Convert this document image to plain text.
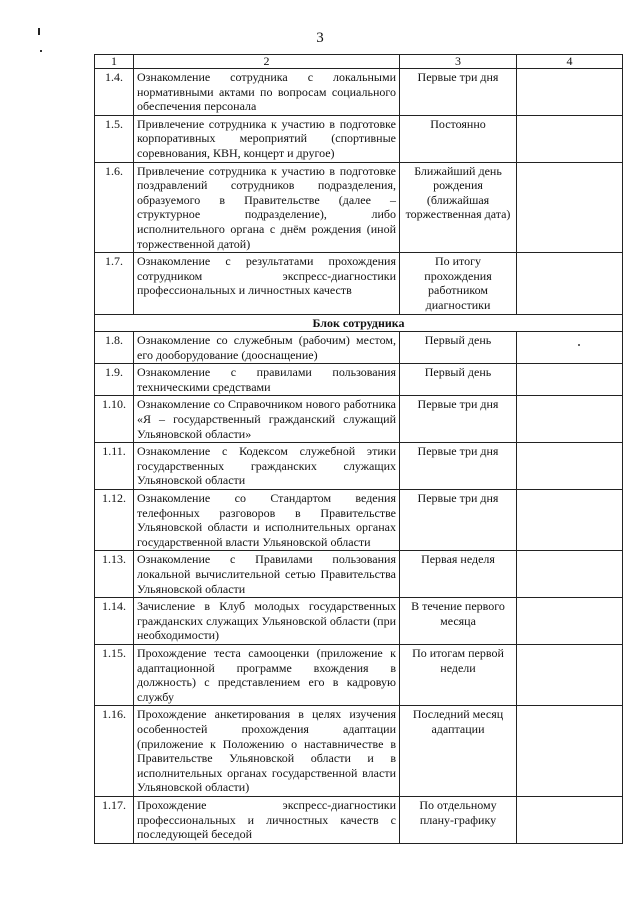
3
1	2	3	4
1.4.	Ознакомление сотрудника с локальными нормативными актами по вопросам социального обеспечения персонала	Первые три дня	
1.5.	Привлечение сотрудника к участию в подготовке корпоративных мероприятий (спортивные соревнования, КВН, концерт и другое)	Постоянно	
1.6.	Привлечение сотрудника к участию в подготовке поздравлений сотрудников подразделения, образуемого в Правительстве (далее – структурное подразделение), либо исполнительного органа с днём рождения (иной торжественной датой)	Ближайший день рождения (ближайшая торжественная дата)	
1.7.	Ознакомление с результатами прохождения сотрудником экспресс-диагностики профессиональных и личностных качеств	По итогу прохождения работником диагностики	
Блок сотрудника			
1.8.	Ознакомление со служебным (рабочим) местом, его дооборудование (дооснащение)	Первый день	
1.9.	Ознакомление с правилами пользования техническими средствами	Первый день	
1.10.	Ознакомление со Справочником нового работника «Я – государственный гражданский служащий Ульяновской области»	Первые три дня	
1.11.	Ознакомление с Кодексом служебной этики государственных гражданских служащих Ульяновской области	Первые три дня	
1.12.	Ознакомление со Стандартом ведения телефонных разговоров в Правительстве Ульяновской области и исполнительных органах государственной власти Ульяновской области	Первые три дня	
1.13.	Ознакомление с Правилами пользования локальной вычислительной сетью Правительства Ульяновской области	Первая неделя	
1.14.	Зачисление в Клуб молодых государственных гражданских служащих Ульяновской области (при необходимости)	В течение первого месяца	
1.15.	Прохождение теста самооценки (приложение к адаптационной программе вхождения в должность) с представлением его в кадровую службу	По итогам первой недели	
1.16.	Прохождение анкетирования в целях изучения особенностей прохождения адаптации (приложение к Положению о наставничестве в Правительстве Ульяновской области и в исполнительных органах государственной власти Ульяновской области)	Последний месяц адаптации	
1.17.	Прохождение экспресс-диагностики профессиональных и личностных качеств с последующей беседой	По отдельному плану-графику	
